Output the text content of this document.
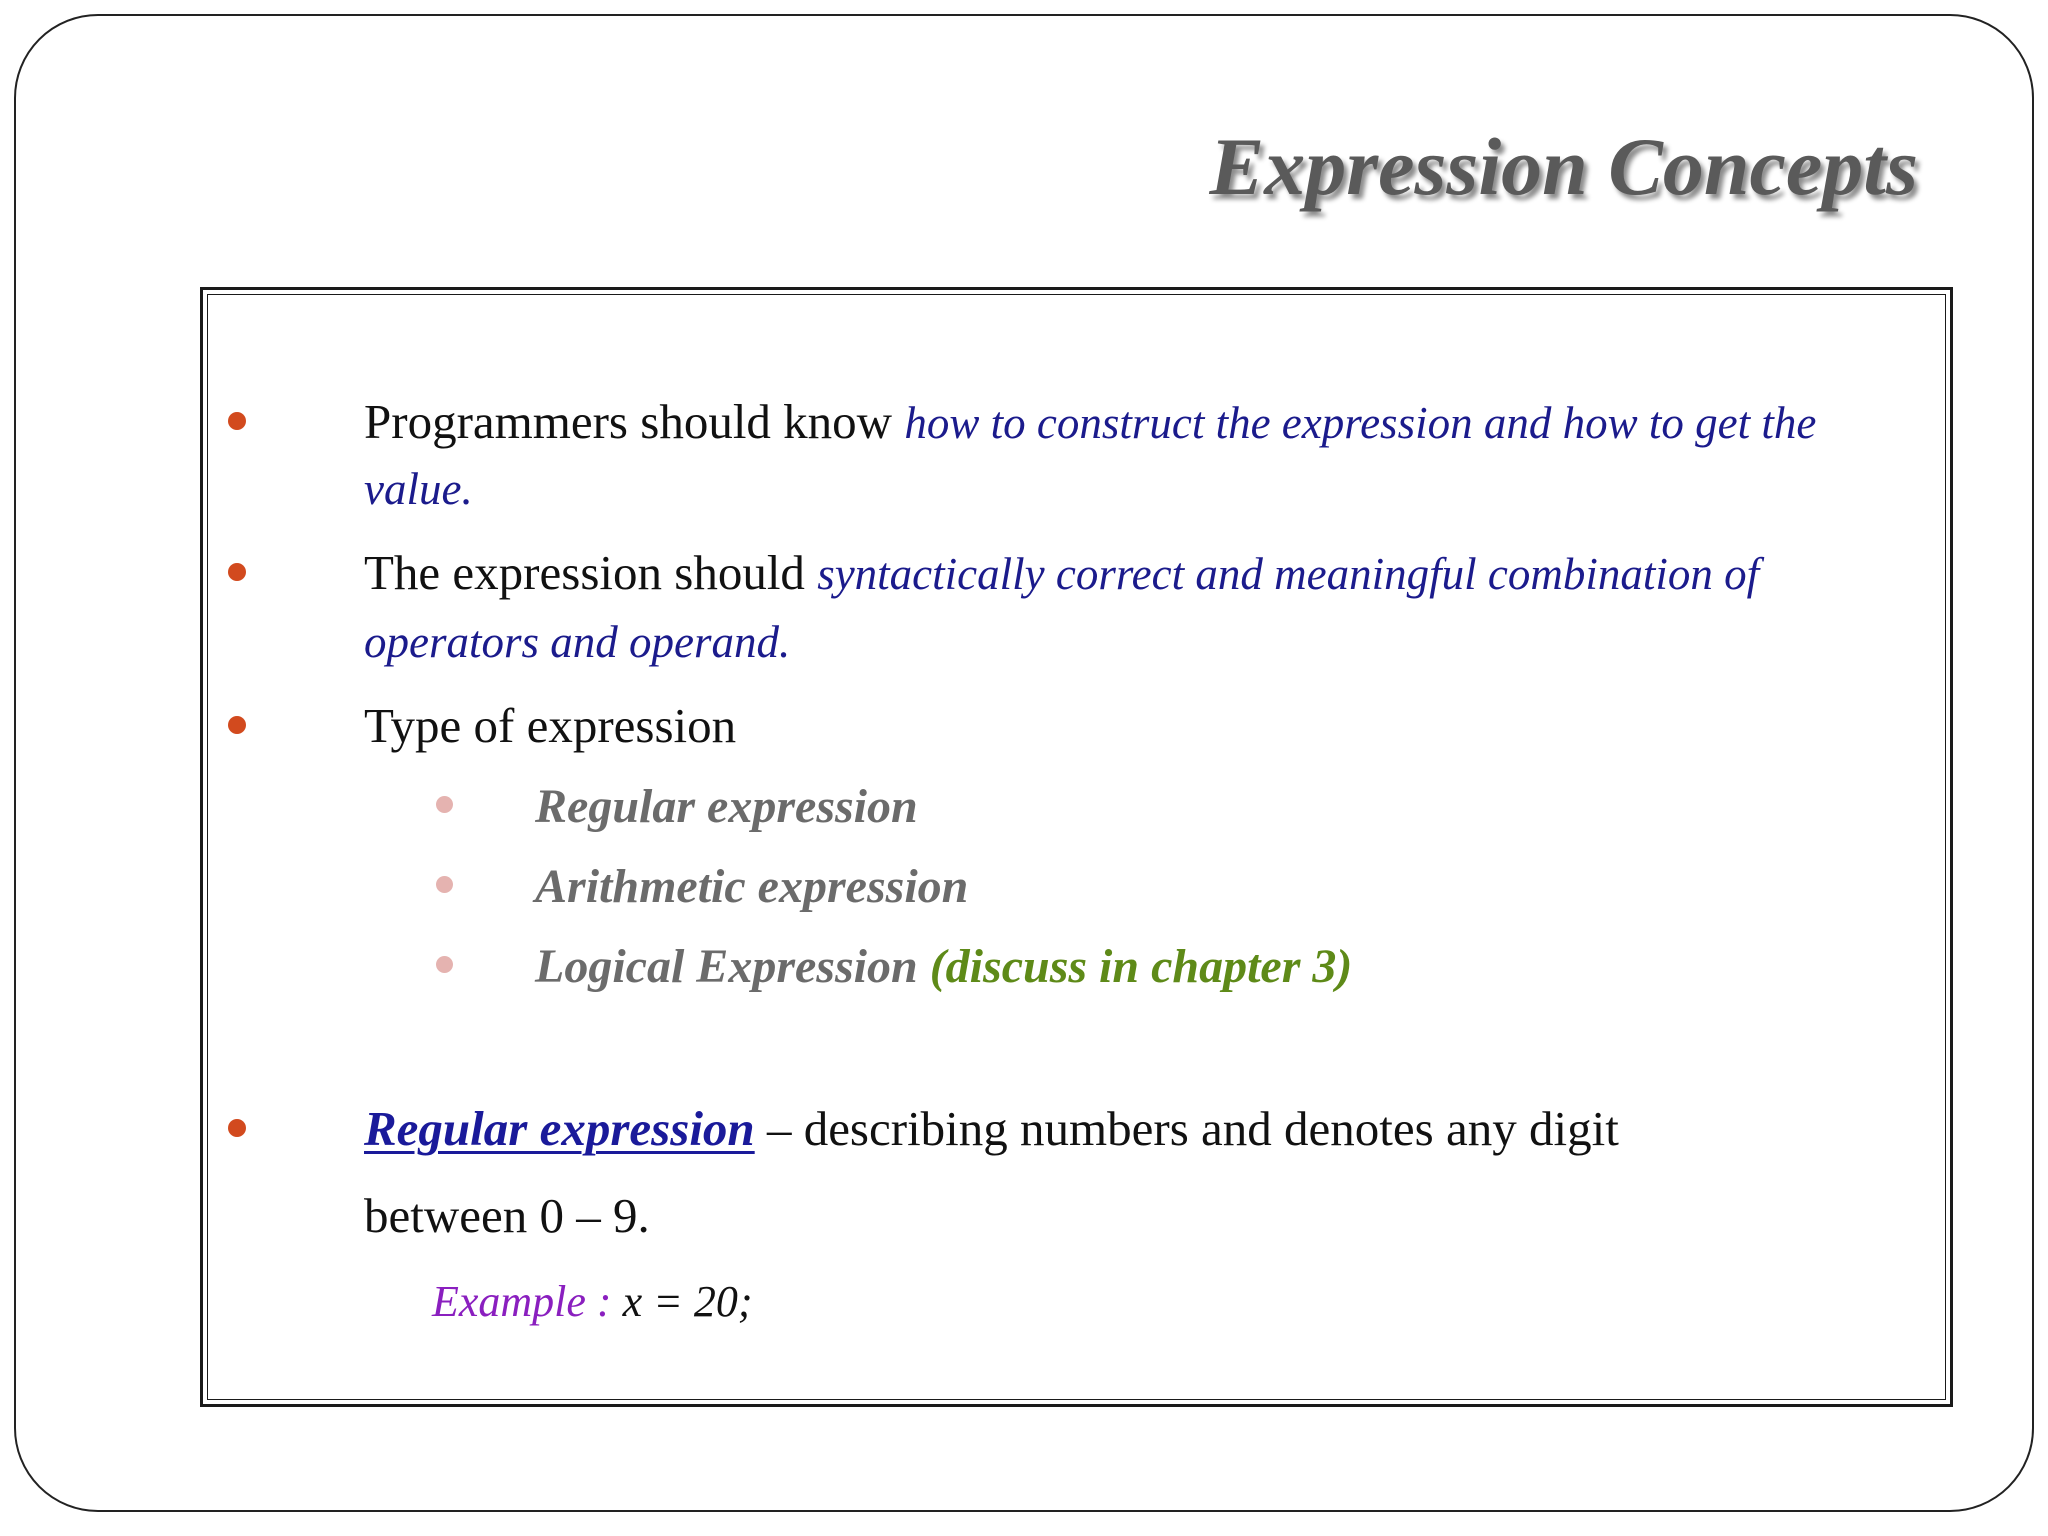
Expression Concepts

Programmers should know how to construct the expression and how to get the

value.

The expression should syntactically correct and meaningful combination of

operators and operand.

Type of expression

Regular expression

Arithmetic expression

Logical Expression (discuss in chapter 3)

Regular expression – describing numbers and denotes any digit

between 0 – 9.

Example : x = 20;
